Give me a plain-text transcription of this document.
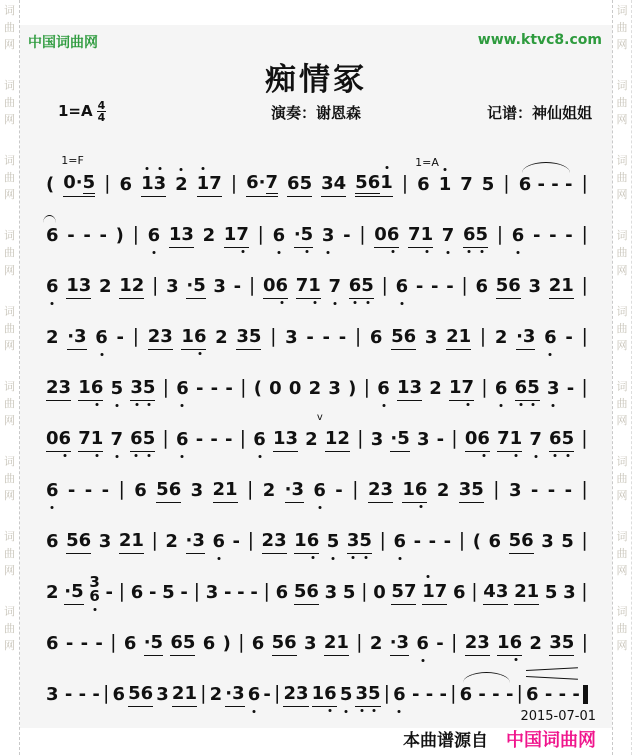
词
曲
网
词
曲
网
词
曲
网
词
曲
网
词
曲
网
词
曲
网
词
曲
网
词
曲
网
词
曲
网
词
曲
网
词
曲
网
词
曲
网
词
曲
网
词
曲
网
词
曲
网
词
曲
网
词
曲
网
词
曲
网
中国词曲网	www.ktvc8.com
痴情冢
$1=A \frac{4}{4}$	演奏：谢恩森	记谱：神仙姐姐
( 0 · 5
1=F
| 6 1 3 2 1 7 | 6 · 7 6 5 3 4 5 6 1 | 6
1=A
1 7 5 | 6
-
-
- |
6 - - - ) | 6 1 3 2 1 7 | 6 · 5 3 - | 0 6 7 1 7 6 5 | 6 - - - |
6 1 3 2 1 2 | 3 · 5 3 - | 0 6 7 1 7 6 5 | 6 - - - | 6 5 6 3 2 1 |
2 · 3 6 - | 2 3 1 6 2 3 5 | 3 - - - | 6 5 6 3 2 1 | 2 · 3 6 - |
2 3 1 6 5 3 5 | 6 - - - | ( 0 0 2 3 ) | 6 1 3 2 1 7 | 6 6 5 3 - |
0 6 7 1 7 6 5 | 6 - - - | 6 1 3 2 1 2
v | 3 · 5 3 - | 0 6 7 1 7 6 5 |
6 - - - | 6 5 6 3 2 1 | 2 · 3 6 - | 2 3 1 6 2 3 5 | 3 - - - |
6 5 6 3 2 1 | 2 · 3 6 - | 2 3 1 6 5 3 5 | 6 - - - | ( 6 5 6 3 5 |
2 · 5 3
6 - | 6 - 5 - | 3 - - - | 6 5 6 3 5 | 0 5 7 1 7 6 | 4 3 2 1 5 3 |
6 - - - | 6 · 5 6 5 6 ) | 6 5 6 3 2 1 | 2 · 3 6 - | 2 3 1 6 2 3 5 |
3
-
-
- | 6 5 6 3 2 1 | 2 · 3 6 - | 2 3 1 6 5 3 5 | 6
-
-
- | 6
-
-
- | 6
-
-
-
2015-07-01
本曲谱源自 中国词曲网
